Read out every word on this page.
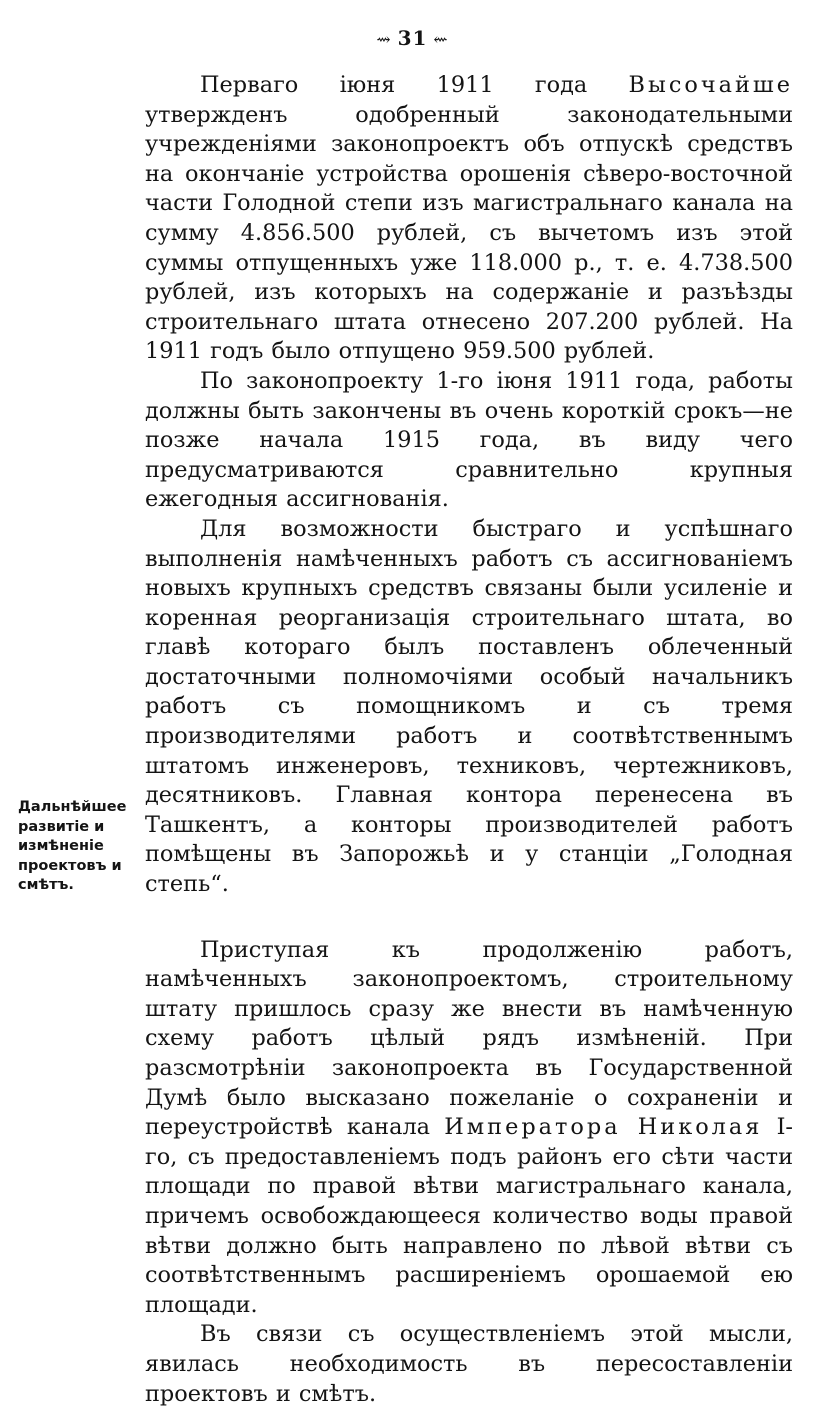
⇝ 31 ⇜
Дальнѣйшее
развитіе и
измѣненіе
проектовъ и
смѣтъ.

Перваго іюня 1911 года Высочайше утвержденъ одобренный законодательными учрежденіями законопроектъ объ отпускѣ средствъ на окончаніе устройства орошенія сѣверо-восточной части Голодной степи изъ магистральнаго канала на сумму 4.856.500 рублей, съ вычетомъ изъ этой суммы отпущенныхъ уже 118.000 р., т. е. 4.738.500 рублей, изъ которыхъ на содержаніе и разъѣзды строительнаго штата отнесено 207.200 рублей. На 1911 годъ было отпущено 959.500 рублей.

По законопроекту 1-го іюня 1911 года, работы должны быть закончены въ очень короткій срокъ—не позже начала 1915 года, въ виду чего предусматриваются сравнительно крупныя ежегодныя ассигнованія.

Для возможности быстраго и успѣшнаго выполненія намѣченныхъ работъ съ ассигнованіемъ новыхъ крупныхъ средствъ связаны были усиленіе и коренная реорганизація строительнаго штата, во главѣ котораго былъ поставленъ облеченный достаточными полномочіями особый начальникъ работъ съ помощникомъ и съ тремя производителями работъ и соотвѣтственнымъ штатомъ инженеровъ, техниковъ, чертежниковъ, десятниковъ. Главная контора перенесена въ Ташкентъ, а конторы производителей работъ помѣщены въ Запорожьѣ и у станціи „Голодная степь“.

Приступая къ продолженію работъ, намѣченныхъ законопроектомъ, строительному штату пришлось сразу же внести въ намѣченную схему работъ цѣлый рядъ измѣненій. При разсмотрѣніи законопроекта въ Государственной Думѣ было высказано пожеланіе о сохраненіи и переустройствѣ канала Императора Николая I-го, съ предоставленіемъ подъ районъ его сѣти части площади по правой вѣтви магистральнаго канала, причемъ освобождающееся количество воды правой вѣтви должно быть направлено по лѣвой вѣтви съ соотвѣтственнымъ расширеніемъ орошаемой ею площади.

Въ связи съ осуществленіемъ этой мысли, явилась необходимость въ пересоставленіи проектовъ и смѣтъ.
